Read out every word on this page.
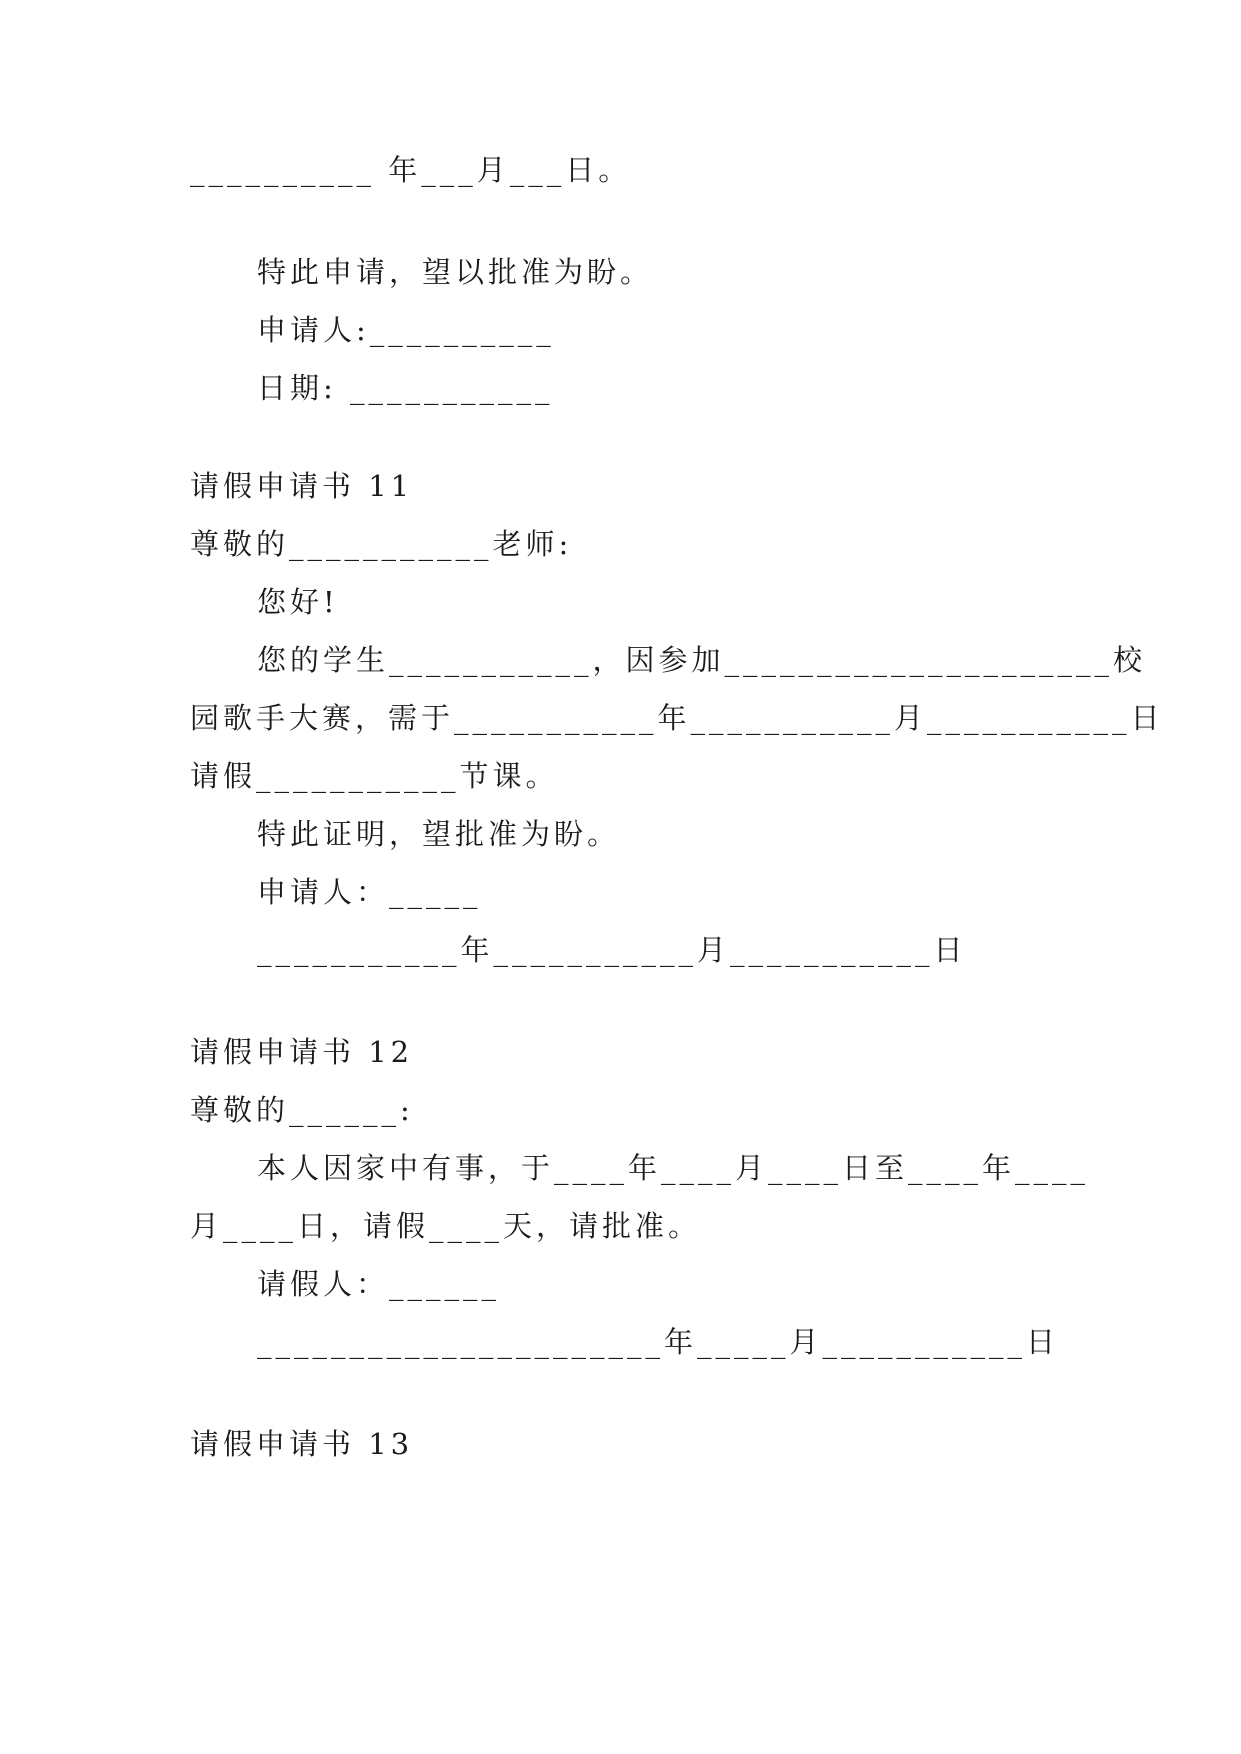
__________ 年___月___日。
特此申请，望以批准为盼。
申请人:__________
日期: ___________
请假申请书 11
尊敬的___________老师:
您好!
您的学生___________，因参加_____________________校
园歌手大赛，需于___________年___________月___________日
请假___________节课。
特此证明，望批准为盼。
申请人：_____
___________年___________月___________日
请假申请书 12
尊敬的______:
本人因家中有事，于____年____月____日至____年____
月____日，请假____天，请批准。
请假人：______
______________________年_____月___________日
请假申请书 13
